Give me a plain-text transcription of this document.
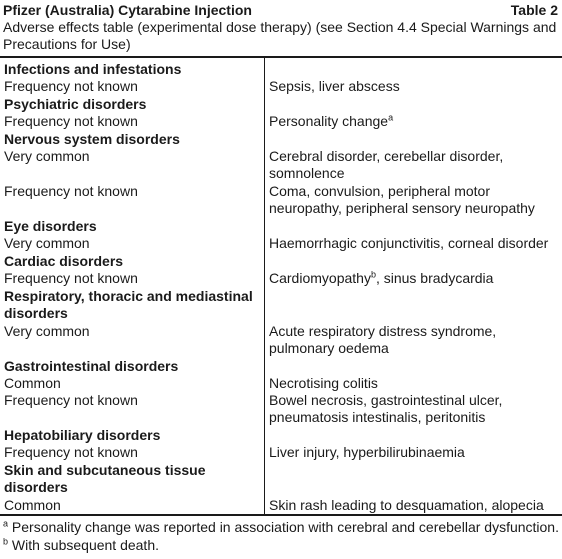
Pfizer (Australia) Cytarabine Injection	Table 2
Adverse effects table (experimental dose therapy) (see Section 4.4 Special Warnings and Precautions for Use)
Infections and infestations
Frequency not known	Sepsis, liver abscess
Psychiatric disorders
Frequency not known	Personality change$^a$
Nervous system disorders
Very common	Cerebral disorder, cerebellar disorder, somnolence
Frequency not known	Coma, convulsion, peripheral motor neuropathy, peripheral sensory neuropathy
Eye disorders
Very common	Haemorrhagic conjunctivitis, corneal disorder
Cardiac disorders
Frequency not known	Cardiomyopathy$^b$, sinus bradycardia
Respiratory, thoracic and mediastinal disorders
Very common	Acute respiratory distress syndrome, pulmonary oedema
Gastrointestinal disorders
Common	Necrotising colitis
Frequency not known	Bowel necrosis, gastrointestinal ulcer, pneumatosis intestinalis, peritonitis
Hepatobiliary disorders
Frequency not known	Liver injury, hyperbilirubinaemia
Skin and subcutaneous tissue disorders
Common	Skin rash leading to desquamation, alopecia
$^a$ Personality change was reported in association with cerebral and cerebellar dysfunction.
$^b$ With subsequent death.
